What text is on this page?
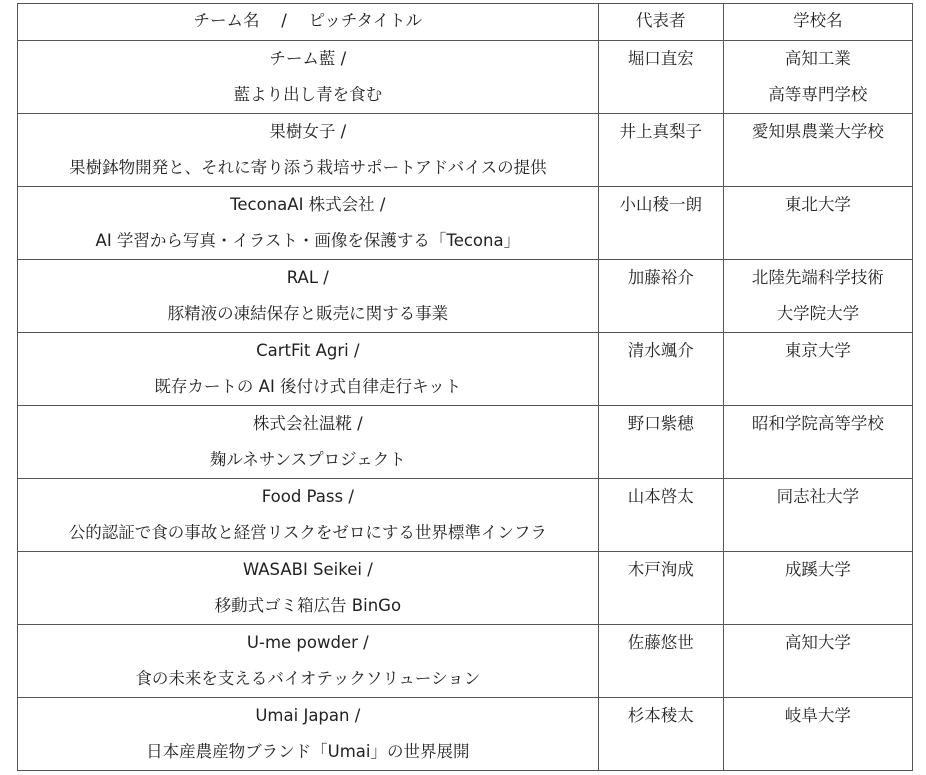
チーム名　 /　 ピッチタイトル	代表者	学校名

チーム藍 /
藍より出し青を食む	堀口直宏	高知工業
高等専門学校

果樹女子 /
果樹鉢物開発と、それに寄り添う栽培サポートアドバイスの提供	井上真梨子	愛知県農業大学校

TeconaAI 株式会社 /
AI 学習から写真・イラスト・画像を保護する「Tecona」	小山稜一朗	東北大学

RAL /
豚精液の凍結保存と販売に関する事業	加藤裕介	北陸先端科学技術
大学院大学

CartFit Agri /
既存カートの AI 後付け式自律走行キット	清水颯介	東京大学

株式会社温糀 /
麹ルネサンスプロジェクト	野口紫穂	昭和学院高等学校

Food Pass /
公的認証で食の事故と経営リスクをゼロにする世界標準インフラ	山本啓太	同志社大学

WASABI Seikei /
移動式ゴミ箱広告 BinGo	木戸洵成	成蹊大学

U-me powder /
食の未来を支えるバイオテックソリューション	佐藤悠世	高知大学

Umai Japan /
日本産農産物ブランド「Umai」の世界展開	杉本稜太	岐阜大学
